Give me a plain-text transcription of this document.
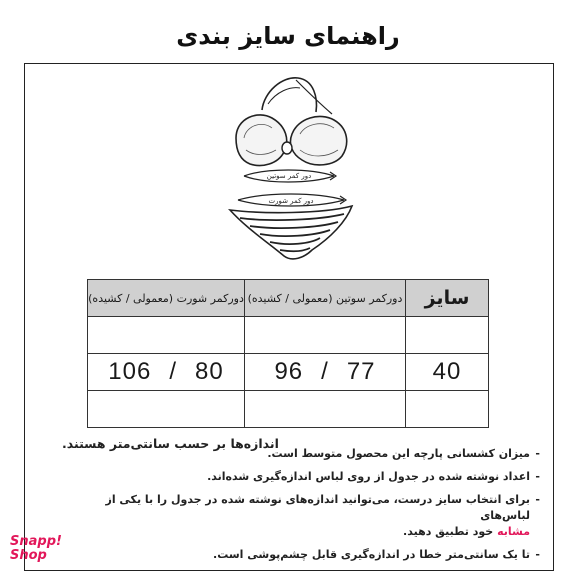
راهنمای سایز بندی
دور کمر سوتین
دور کمر شورت
سایز	دورکمر سوتین (معمولی / کشیده)	دورکمر شورت (معمولی / کشیده)

40	77/96	80/106

اندازه‌ها بر حسب سانتی‌متر هستند.
- میزان کشسانی پارچه این محصول متوسط است.
- اعداد نوشته شده در جدول از روی لباس اندازه‌گیری شده‌اند.
- برای انتخاب سایز درست، می‌توانید اندازه‌های نوشته شده در جدول را با یکی از لباس‌های
مشابه خود تطبیق دهید.
- تا یک سانتی‌متر خطا در اندازه‌گیری قابل چشم‌پوشی است.
Snapp!
Shop
